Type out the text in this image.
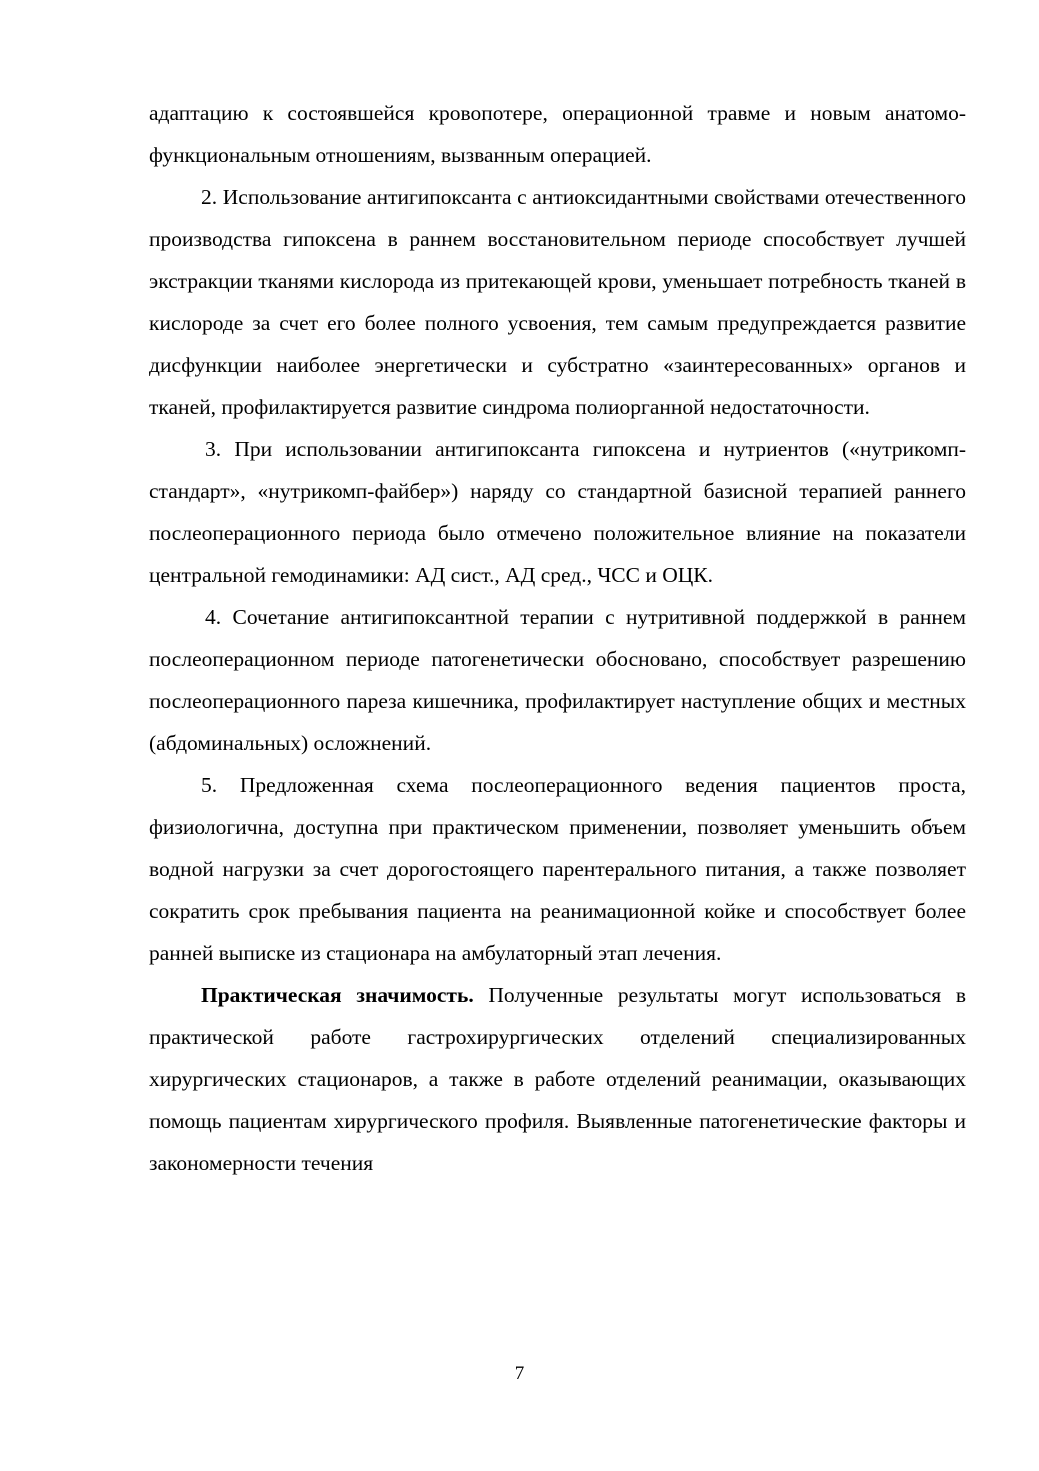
адаптацию к состоявшейся кровопотере, операционной травме и новым анатомо-функциональным отношениям, вызванным операцией.

2. Использование антигипоксанта с антиоксидантными свойствами отечественного производства гипоксена в раннем восстановительном периоде способствует лучшей экстракции тканями кислорода из притекающей крови, уменьшает потребность тканей в кислороде за счет его более полного усвоения, тем самым предупреждается развитие дисфункции наиболее энергетически и субстратно «заинтересованных» органов и тканей, профилактируется развитие синдрома полиорганной недостаточности.

3. При использовании антигипоксанта гипоксена и нутриентов («нутрикомп-стандарт», «нутрикомп-файбер») наряду со стандартной базисной терапией раннего послеоперационного периода было отмечено положительное влияние на показатели центральной гемодинамики: АД сист., АД сред., ЧСС и ОЦК.

4. Сочетание антигипоксантной терапии с нутритивной поддержкой в раннем послеоперационном периоде патогенетически обосновано, способствует разрешению послеоперационного пареза кишечника, профилактирует наступление общих и местных (абдоминальных) осложнений.

5. Предложенная схема послеоперационного ведения пациентов проста, физиологична, доступна при практическом применении, позволяет уменьшить объем водной нагрузки за счет дорогостоящего парентерального питания, а также позволяет сократить срок пребывания пациента на реанимационной койке и способствует более ранней выписке из стационара на амбулаторный этап лечения.

Практическая значимость. Полученные результаты могут использоваться в практической работе гастрохирургических отделений специализированных хирургических стационаров, а также в работе отделений реанимации, оказывающих помощь пациентам хирургического профиля. Выявленные патогенетические факторы и закономерности течения

7
